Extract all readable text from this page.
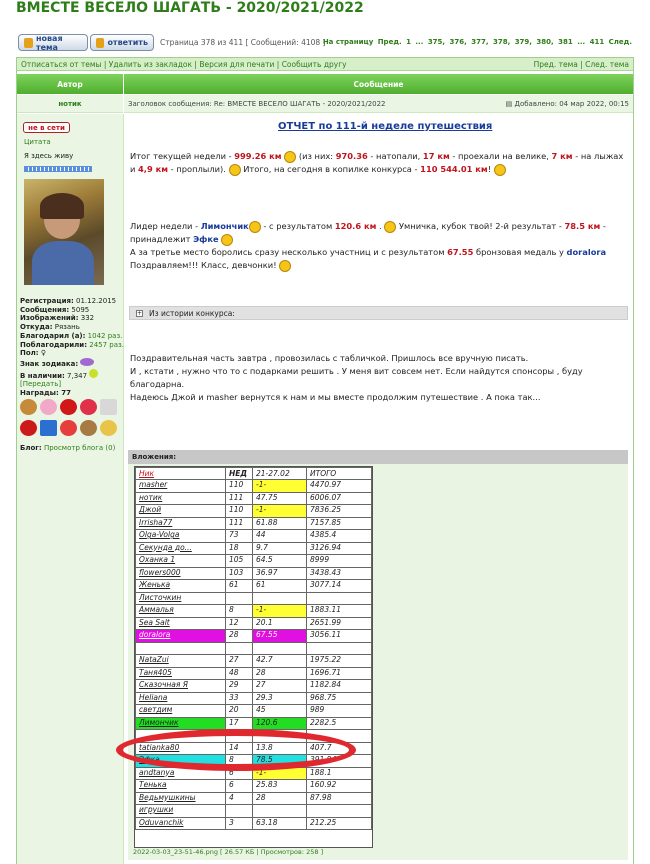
ВМЕСТЕ ВЕСЕЛО ШАГАТЬ - 2020/2021/2022
новая тема	ответить Страница 378 из 411 [ Сообщений: 4108 ]
На страницу Пред. 1 ... 375, 376, 377, 378, 379, 380, 381 ... 411 След.
Отписаться от темы | Удалить из закладок | Версия для печати | Сообщить другу	Пред. тема | След. тема
Автор	Сообщение
нотик	Заголовок сообщения: Re: ВМЕСТЕ ВЕСЕЛО ШАГАТЬ - 2020/2021/2022	▤ Добавлено: 04 мар 2022, 00:15
не в сети
Цитата
Я здесь живу
Регистрация: 01.12.2015
Сообщения: 5095
Изображений: 332
Откуда: Рязань
Благодарил (а): 1042 раз.
Поблагодарили: 2457 раз.
Пол: ♀
Знак зодиака:
В наличии: 7,347
[Передать]
Награды: 77
Блог: Просмотр блога (0)
ОТЧЕТ по 111-й неделе путешествия
Итог текущей недели - 999.26 км  (из них: 970.36 - натопали, 17 км - проехали на велике, 7 км - на лыжах и 4,9 км - проплыли).  Итого, на сегодня в копилке конкурса - 110 544.01 км!
Лидер недели - Лимончик - с результатом 120.6 км .  Умничка, кубок твой! 2-й результат - 78.5 км - принадлежит Эфке
А за третье место боролись сразу несколько участниц и с результатом 67.55 бронзовая медаль у doralora
Поздравляем!!! Класс, девчонки!
+ Из истории конкурса:
Поздравительная часть завтра , провозилась с табличкой. Пришлось все вручную писать.
И , кстати , нужно что то с подарками решить . У меня вит совсем нет. Если найдутся спонсоры , буду благодарна.
Надеюсь Джой и masher вернутся к нам и мы вместе продолжим путешествие . А пока так...
Вложения:
Ник	НЕД	21-27.02	ИТОГО
masher	110	-1-	4470.97
нотик	111	47.75	6006.07
Джой	110	-1-	7836.25
Irrisha77	111	61.88	7157.85
Olga-Volga	73	44	4385.4
Секунда до...	18	9.7	3126.94
Оханка 1	105	64.5	8999
flowers000	103	36.97	3438.43
Женька	61	61	3077.14
Листочкин			
Аммалья	8	-1-	1883.11
Sea Salt	12	20.1	2651.99
doralora	28	67.55	3056.11

NataZui	27	42.7	1975.22
Таня405	48	28	1696.71
Сказочная Я	29	27	1182.84
Heliana	33	29.3	968.75
светдим	20	45	989
Лимончик	17	120.6	2282.5

tatianka80	14	13.8	407.7
Эфка	8	78.5	391.94
andtanya	6	-1-	188.1
Тенька	6	25.83	160.92
Ведьмушкины	4	28	87.98
игрушки			
Oduvanchik	3	63.18	212.25
2022-03-03_23-51-46.png [ 26.57 КБ | Просмотров: 258 ]
